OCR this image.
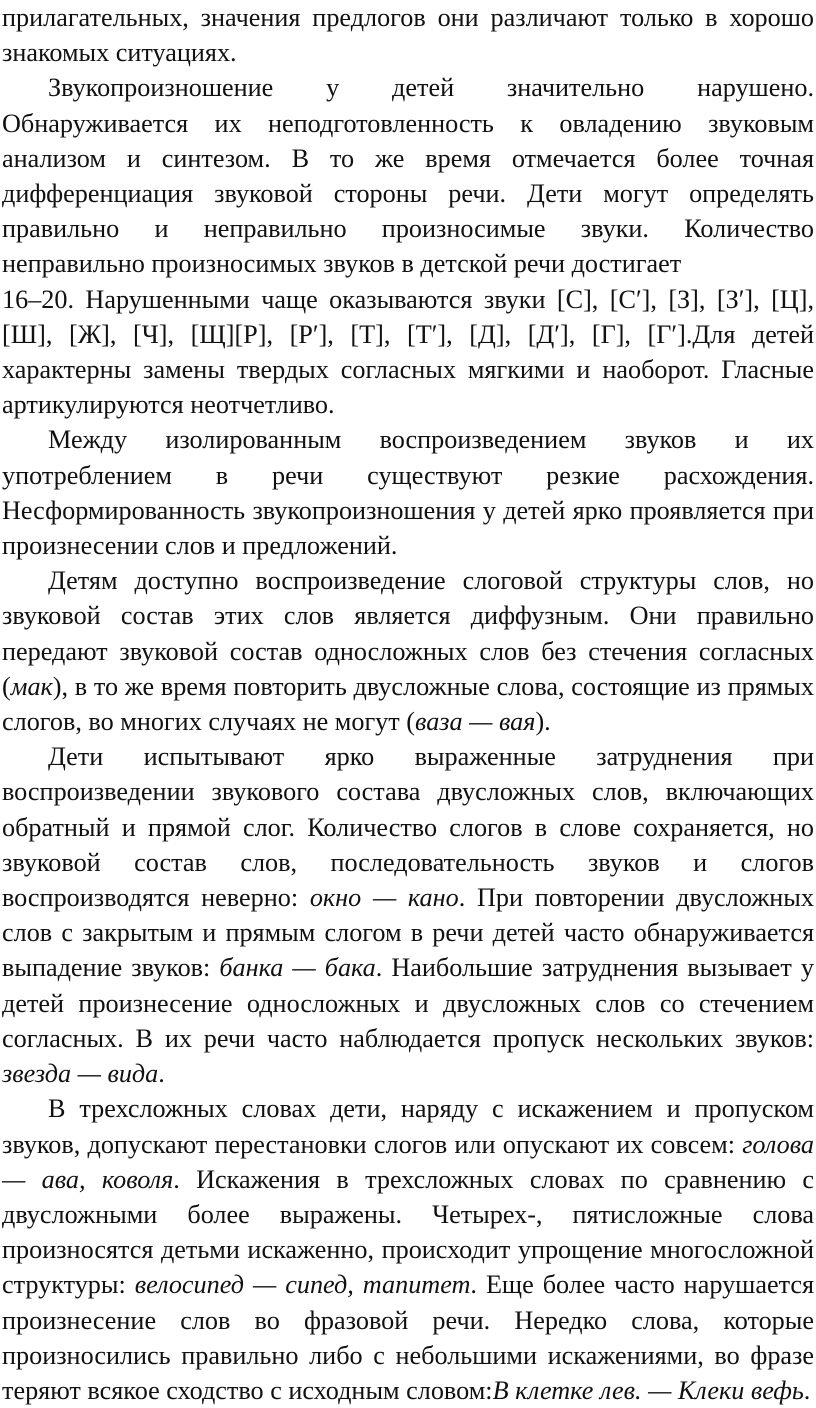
прилагательных, значения предлогов они различают только в хорошо знакомых ситуациях.

Звукопроизношение у детей значительно нарушено. Обнаруживается их неподготовленность к овладению звуковым анализом и синтезом. В то же время отмечается более точная дифференциация звуковой стороны речи. Дети могут определять правильно и неправильно произносимые звуки. Количество неправильно произносимых звуков в детской речи достигает

16–20. Нарушенными чаще оказываются звуки [С], [С′], [З], [З′], [Ц], [Ш], [Ж], [Ч], [Щ][Р], [Р′], [Т], [Т′], [Д], [Д′], [Г], [Г′].Для детей характерны замены твердых согласных мягкими и наоборот. Гласные артикулируются неотчетливо.

Между изолированным воспроизведением звуков и их употреблением в речи существуют резкие расхождения. Несформированность звукопроизношения у детей ярко проявляется при произнесении слов и предложений.

Детям доступно воспроизведение слоговой структуры слов, но звуковой состав этих слов является диффузным. Они правильно передают звуковой состав односложных слов без стечения согласных (мак), в то же время повторить двусложные слова, состоящие из прямых слогов, во многих случаях не могут (ваза — вая).

Дети испытывают ярко выраженные затруднения при воспроизведении звукового состава двусложных слов, включающих обратный и прямой слог. Количество слогов в слове сохраняется, но звуковой состав слов, последовательность звуков и слогов воспроизводятся неверно: окно — кано. При повторении двусложных слов с закрытым и прямым слогом в речи детей часто обнаруживается выпадение звуков: банка — бака. Наибольшие затруднения вызывает у детей произнесение односложных и двусложных слов со стечением согласных. В их речи часто наблюдается пропуск нескольких звуков: звезда — вида.

В трехсложных словах дети, наряду с искажением и пропуском звуков, допускают перестановки слогов или опускают их совсем: голова — ава, коволя. Искажения в трехсложных словах по сравнению с двусложными более выражены. Четырех-, пятисложные слова произносятся детьми искаженно, происходит упрощение многосложной структуры: велосипед — сипед, тапитет. Еще более часто нарушается произнесение слов во фразовой речи. Нередко слова, которые произносились правильно либо с небольшими искажениями, во фразе теряют всякое сходство с исходным словом:В клетке лев. — Клеки вефь.
